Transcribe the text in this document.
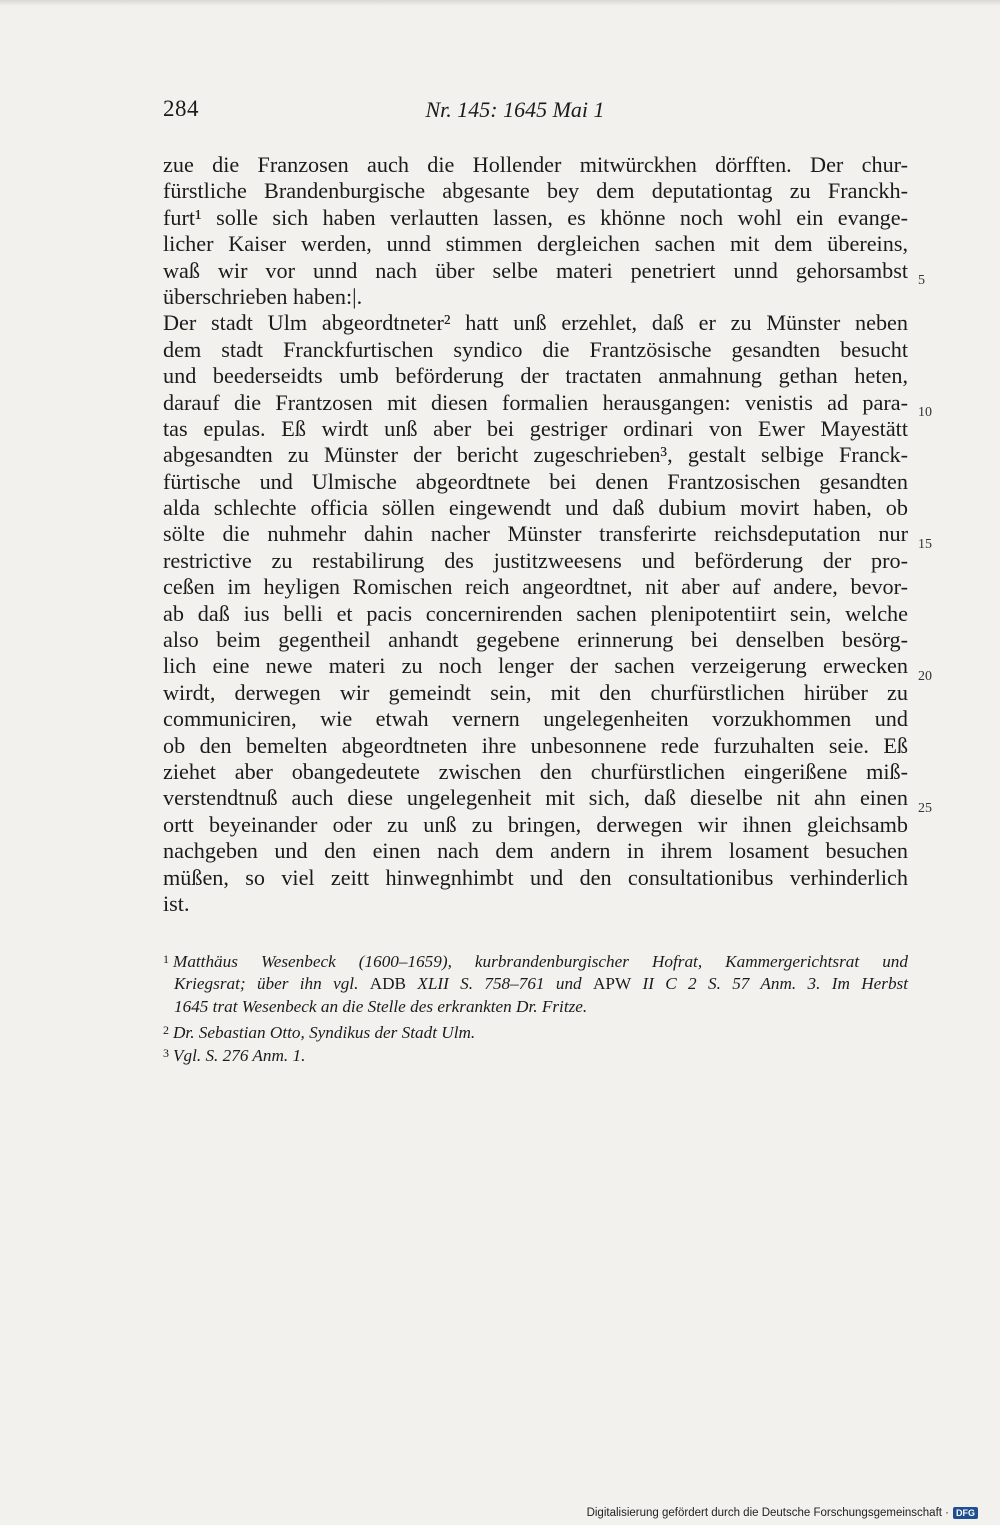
284	Nr. 145: 1645 Mai 1
zue die Franzosen auch die Hollender mitwürckhen dörfften. Der chur-
fürstliche Brandenburgische abgesante bey dem deputationtag zu Franckh-
furt¹ solle sich haben verlautten lassen, es khönne noch wohl ein evange-
licher Kaiser werden, unnd stimmen dergleichen sachen mit dem übereins,
waß wir vor unnd nach über selbe materi penetriert unnd gehorsambst
überschrieben haben:|.
Der stadt Ulm abgeordtneter² hatt unß erzehlet, daß er zu Münster neben
dem stadt Franckfurtischen syndico die Frantzösische gesandten besucht
und beederseidts umb beförderung der tractaten anmahnung gethan heten,
darauf die Frantzosen mit diesen formalien herausgangen: venistis ad para-
tas epulas. Eß wirdt unß aber bei gestriger ordinari von Ewer Mayestätt
abgesandten zu Münster der bericht zugeschrieben³, gestalt selbige Franck-
fürtische und Ulmische abgeordtnete bei denen Frantzosischen gesandten
alda schlechte officia söllen eingewendt und daß dubium movirt haben, ob
sölte die nuhmehr dahin nacher Münster transferirte reichsdeputation nur
restrictive zu restabilirung des justitzweesens und beförderung der pro-
ceßen im heyligen Romischen reich angeordtnet, nit aber auf andere, bevor-
ab daß ius belli et pacis concernirenden sachen plenipotentiirt sein, welche
also beim gegentheil anhandt gegebene erinnerung bei denselben besörg-
lich eine newe materi zu noch lenger der sachen verzeigerung erwecken
wirdt, derwegen wir gemeindt sein, mit den churfürstlichen hirüber zu
communiciren, wie etwah vernern ungelegenheiten vorzukhommen und
ob den bemelten abgeordtneten ihre unbesonnene rede furzuhalten seie. Eß
ziehet aber obangedeutete zwischen den churfürstlichen eingerißene miß-
verstendtnuß auch diese ungelegenheit mit sich, daß dieselbe nit ahn einen
ortt beyeinander oder zu unß zu bringen, derwegen wir ihnen gleichsamb
nachgeben und den einen nach dem andern in ihrem losament besuchen
müßen, so viel zeitt hinwegnhimbt und den consultationibus verhinderlich
ist.
5
10
15
20
25
$^1$ Matthäus Wesenbeck (1600–1659), kurbrandenburgischer Hofrat, Kammergerichtsrat und
Kriegsrat; über ihn vgl. ADB XLII S. 758–761 und APW II C 2 S. 57 Anm. 3. Im Herbst
1645 trat Wesenbeck an die Stelle des erkrankten Dr. Fritze.
$^2$ Dr. Sebastian Otto, Syndikus der Stadt Ulm.
$^3$ Vgl. S. 276 Anm. 1.
Digitalisierung gefördert durch die Deutsche Forschungsgemeinschaft · DFG
